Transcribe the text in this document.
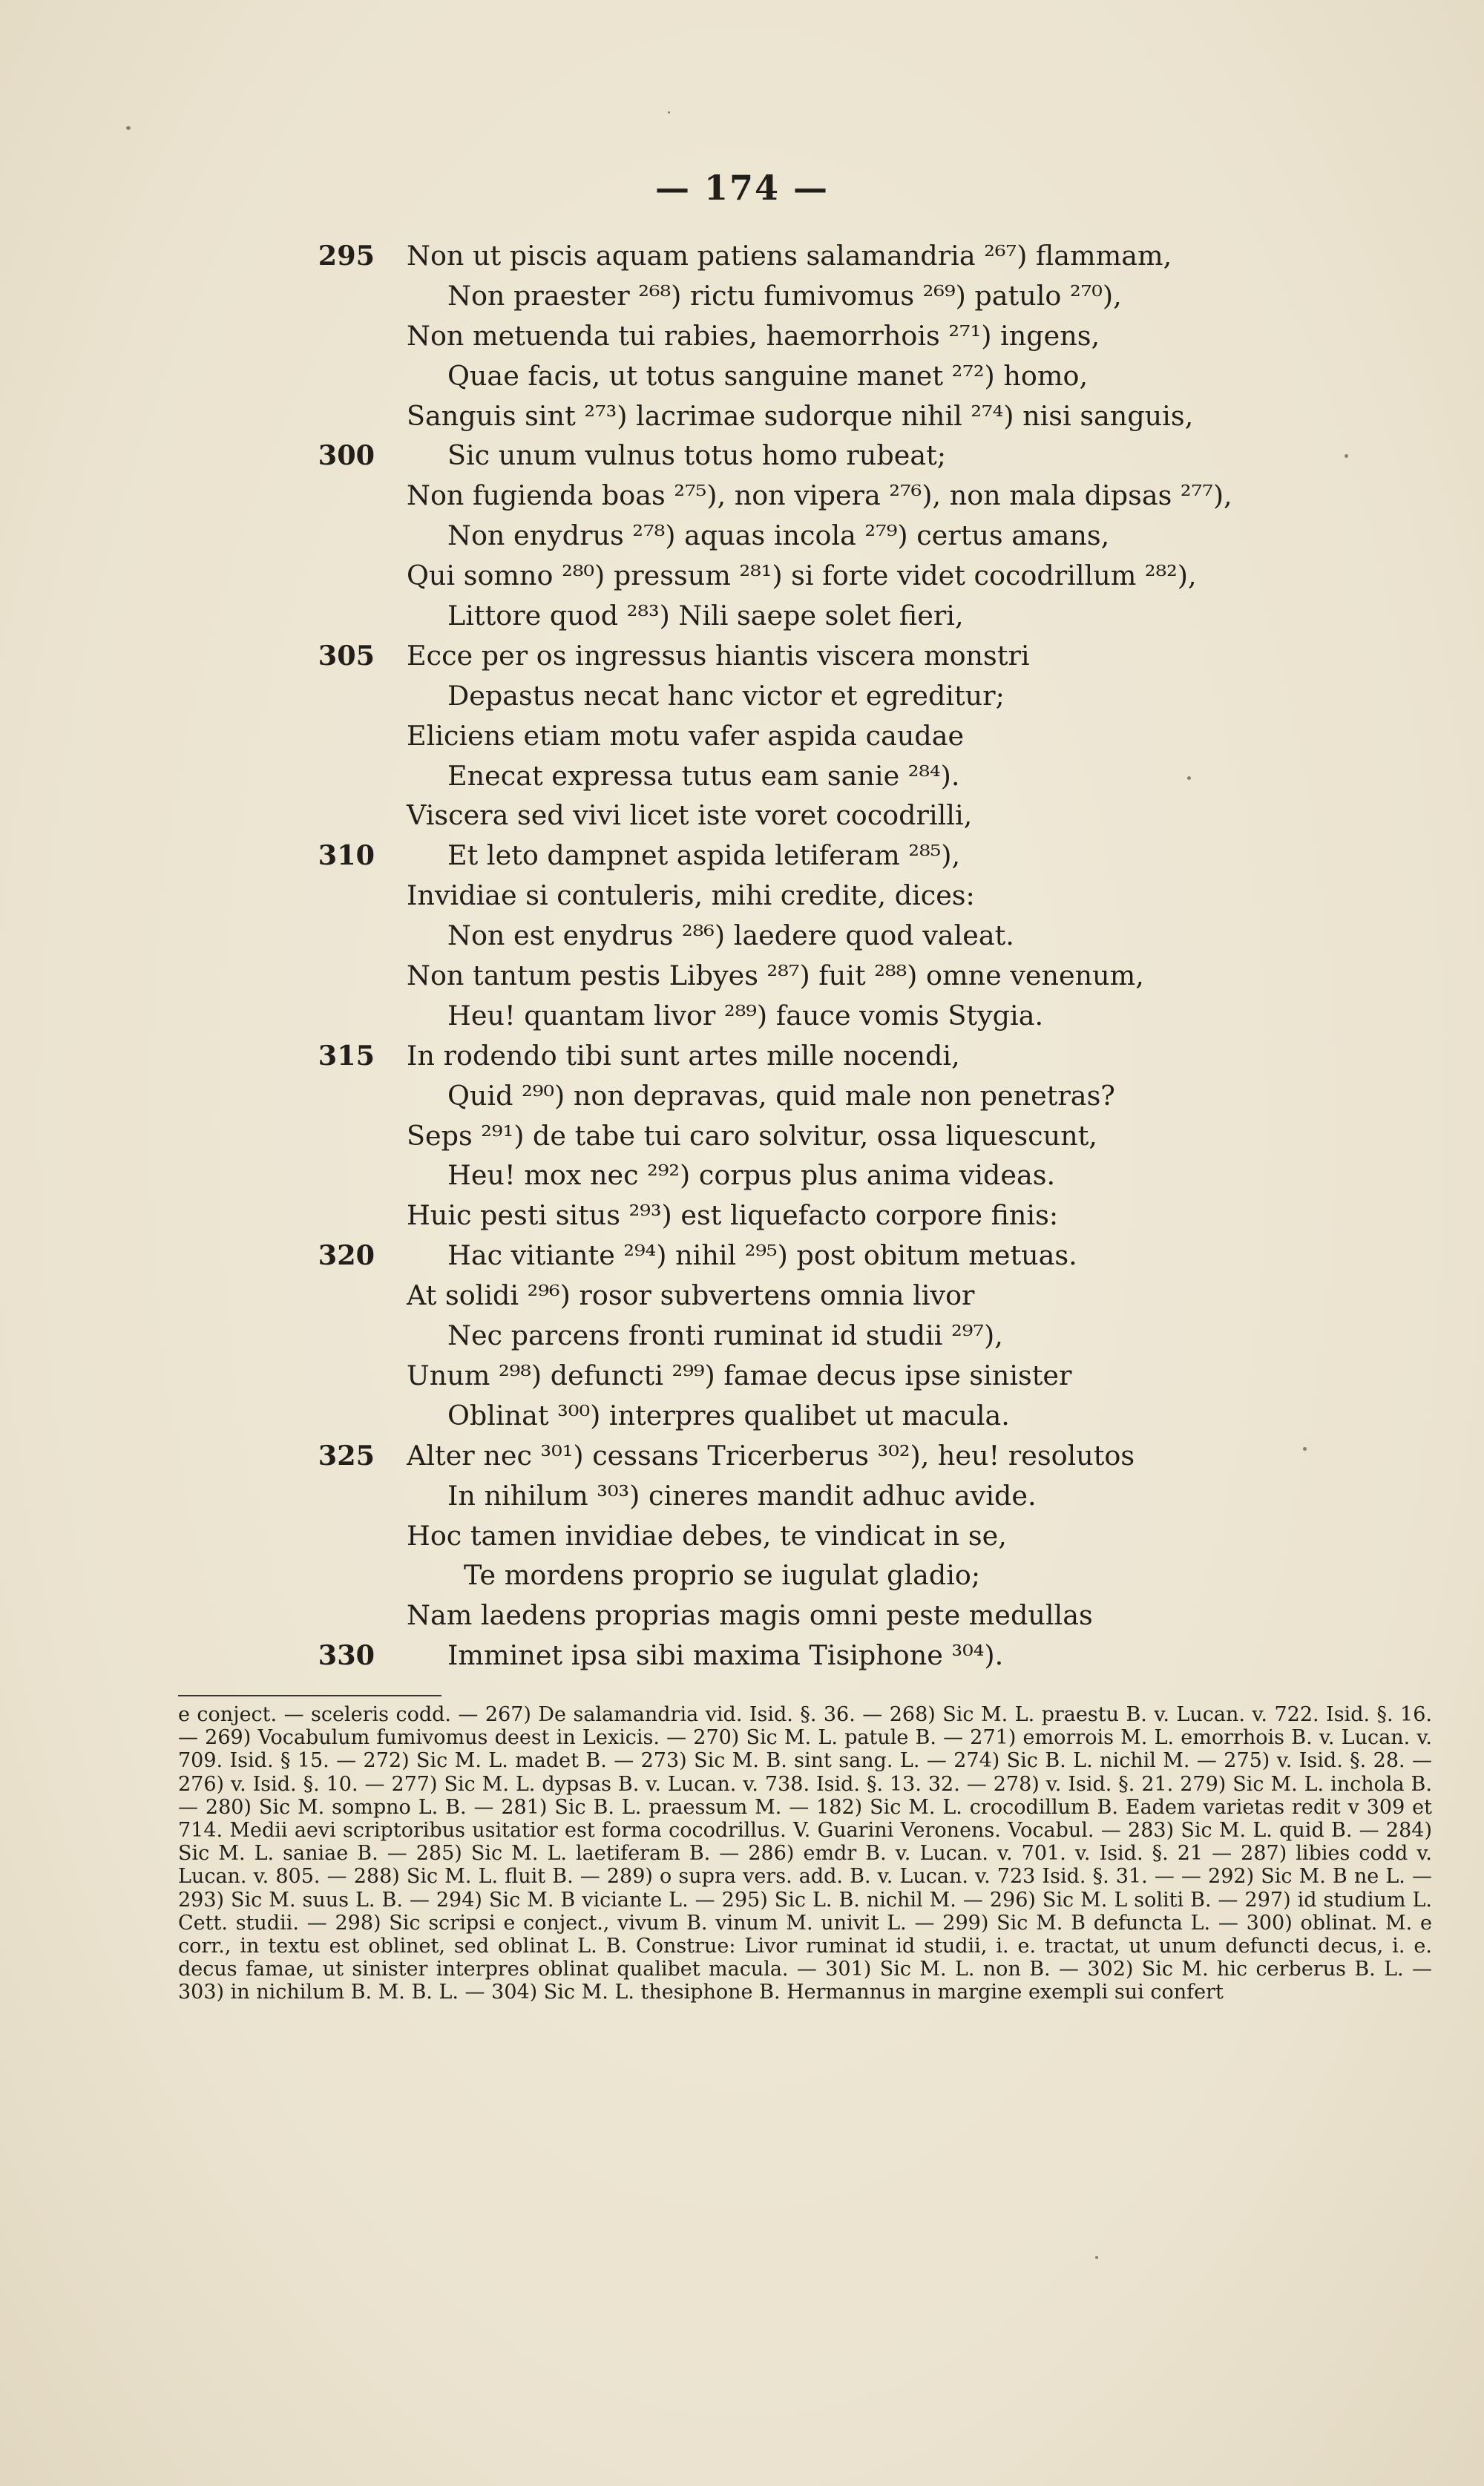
— 174 —
295 Non ut piscis aquam patiens salamandria ²⁶⁷) flammam,
Non praester ²⁶⁸) rictu fumivomus ²⁶⁹) patulo ²⁷⁰),
Non metuenda tui rabies, haemorrhois ²⁷¹) ingens,
Quae facis, ut totus sanguine manet ²⁷²) homo,
Sanguis sint ²⁷³) lacrimae sudorque nihil ²⁷⁴) nisi sanguis,
300	Sic unum vulnus totus homo rubeat;
Non fugienda boas ²⁷⁵), non vipera ²⁷⁶), non mala dipsas ²⁷⁷),
Non enydrus ²⁷⁸) aquas incola ²⁷⁹) certus amans,
Qui somno ²⁸⁰) pressum ²⁸¹) si forte videt cocodrillum ²⁸²),
Littore quod ²⁸³) Nili saepe solet fieri,
305 Ecce per os ingressus hiantis viscera monstri
Depastus necat hanc victor et egreditur;
Eliciens etiam motu vafer aspida caudae
Enecat expressa tutus eam sanie ²⁸⁴).
Viscera sed vivi licet iste voret cocodrilli,
310	Et leto dampnet aspida letiferam ²⁸⁵),
Invidiae si contuleris, mihi credite, dices:
Non est enydrus ²⁸⁶) laedere quod valeat.
Non tantum pestis Libyes ²⁸⁷) fuit ²⁸⁸) omne venenum,
Heu! quantam livor ²⁸⁹) fauce vomis Stygia.
315 In rodendo tibi sunt artes mille nocendi,
Quid ²⁹⁰) non depravas, quid male non penetras?
Seps ²⁹¹) de tabe tui caro solvitur, ossa liquescunt,
Heu! mox nec ²⁹²) corpus plus anima videas.
Huic pesti situs ²⁹³) est liquefacto corpore finis:
320	Hac vitiante ²⁹⁴) nihil ²⁹⁵) post obitum metuas.
At solidi ²⁹⁶) rosor subvertens omnia livor
Nec parcens fronti ruminat id studii ²⁹⁷),
Unum ²⁹⁸) defuncti ²⁹⁹) famae decus ipse sinister
Oblinat ³⁰⁰) interpres qualibet ut macula.
325 Alter nec ³⁰¹) cessans Tricerberus ³⁰²), heu! resolutos
In nihilum ³⁰³) cineres mandit adhuc avide.
Hoc tamen invidiae debes, te vindicat in se,
Te mordens proprio se iugulat gladio;
Nam laedens proprias magis omni peste medullas
330	Imminet ipsa sibi maxima Tisiphone ³⁰⁴).

e conject. — sceleris codd. — 267) De salamandria vid. Isid. §. 36. — 268) Sic M. L. praestu B. v. Lucan. v. 722. Isid. §. 16. — 269) Vocabulum fumivomus deest in Lexicis. — 270) Sic M. L. patule B. — 271) emorrois M. L. emorrhois B. v. Lucan. v. 709. Isid. § 15. — 272) Sic M. L. madet B. — 273) Sic M. B. sint sang. L. — 274) Sic B. L. nichil M. — 275) v. Isid. §. 28. — 276) v. Isid. §. 10. — 277) Sic M. L. dypsas B. v. Lucan. v. 738. Isid. §. 13. 32. — 278) v. Isid. §. 21. 279) Sic M. L. inchola B. — 280) Sic M. sompno L. B. — 281) Sic B. L. praessum M. — 182) Sic M. L. crocodillum B. Eadem varietas redit v 309 et 714. Medii aevi scriptoribus usitatior est forma cocodrillus. V. Guarini Veronens. Vocabul. — 283) Sic M. L. quid B. — 284) Sic M. L. saniae B. — 285) Sic M. L. laetiferam B. — 286) emdr B. v. Lucan. v. 701. v. Isid. §. 21 — 287) libies codd v. Lucan. v. 805. — 288) Sic M. L. fluit B. — 289) o supra vers. add. B. v. Lucan. v. 723 Isid. §. 31. — — 292) Sic M. B ne L. — 293) Sic M. suus L. B. — 294) Sic M. B viciante L. — 295) Sic L. B. nichil M. — 296) Sic M. L soliti B. — 297) id studium L. Cett. studii. — 298) Sic scripsi e conject., vivum B. vinum M. univit L. — 299) Sic M. B defuncta L. — 300) oblinat. M. e corr., in textu est oblinet, sed oblinat L. B. Construe: Livor ruminat id studii, i. e. tractat, ut unum defuncti decus, i. e. decus famae, ut sinister interpres oblinat qualibet macula. — 301) Sic M. L. non B. — 302) Sic M. hic cerberus B. L. — 303) in nichilum B. M. B. L. — 304) Sic M. L. thesiphone B. Hermannus in margine exempli sui confert
